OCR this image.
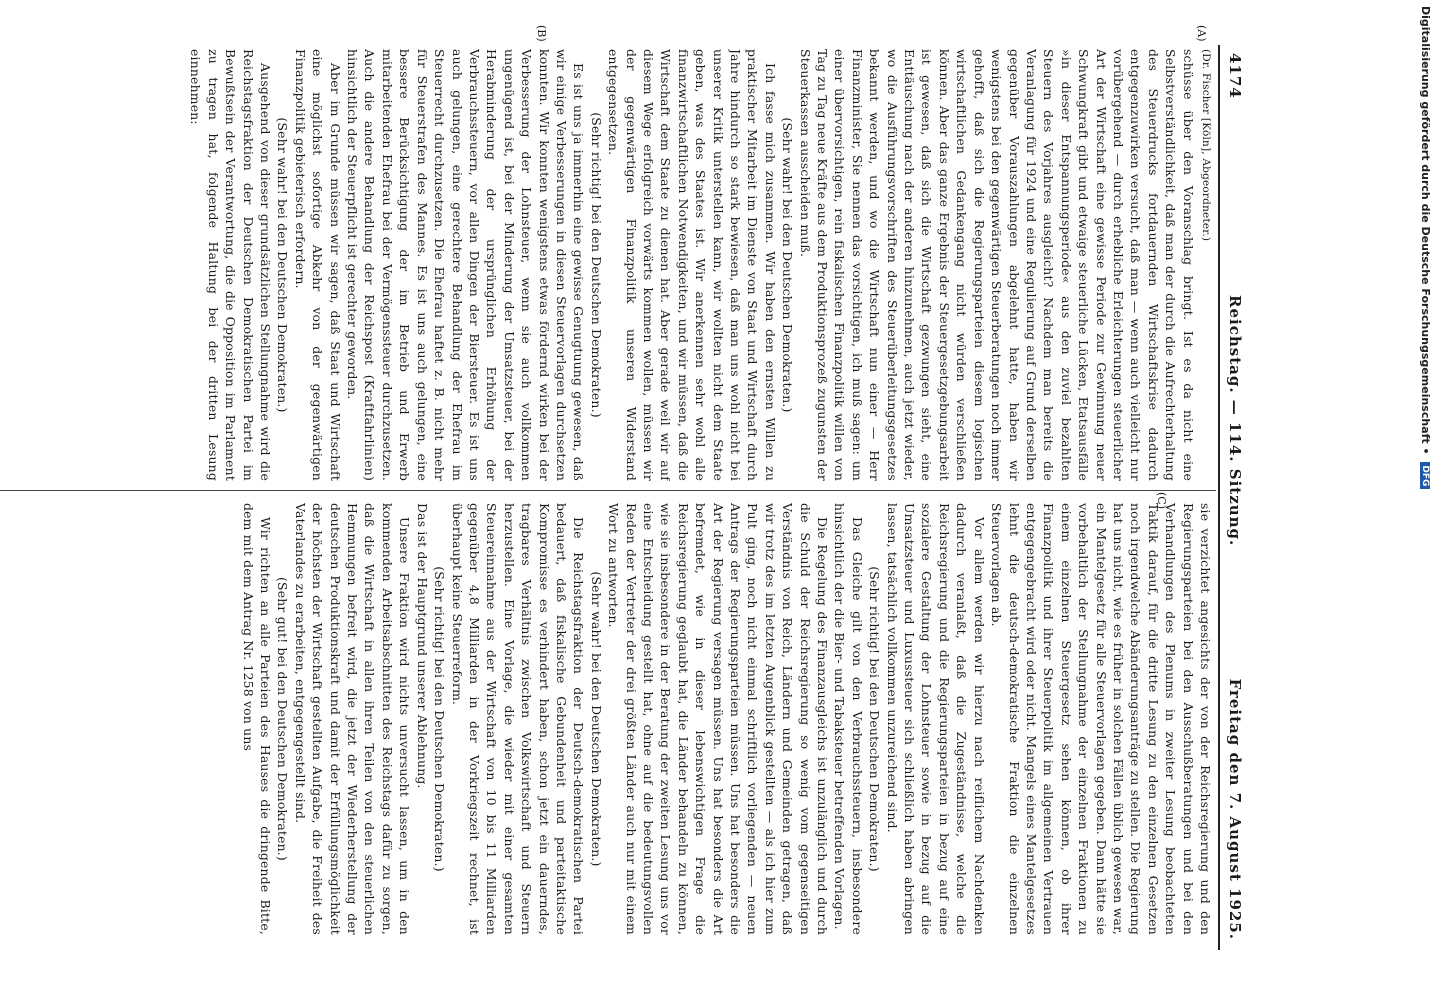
4174
Reichstag. — 114. Sitzung.
Freitag den 7. August 1925.

(Dr. Fischer [Köln], Abgeordneter.)

schüsse über den Voranschlag bringt. Ist es da nicht eine Selbstverständlichkeit, daß man der durch die Aufrechterhaltung des Steuerdrucks fortdauernden Wirtschaftskrise dadurch entgegenzuwirken versucht, daß man — wenn auch vielleicht nur vorübergehend — durch erhebliche Erleichterungen steuerlicher Art der Wirtschaft eine gewisse Periode zur Gewinnung neuer Schwungkraft gibt und etwaige steuerliche Lücken, Etatsausfälle »in dieser Entspannungsperiode« aus den zuviel bezahlten Steuern des Vorjahres ausgleicht? Nachdem man bereits die Veranlagung für 1924 und eine Regulierung auf Grund derselben gegenüber Vorauszahlungen abgelehnt hatte, haben wir wenigstens bei den gegenwärtigen Steuerberatungen noch immer gehofft, daß sich die Regierungsparteien diesem logischen wirtschaftlichen Gedankengang nicht würden verschließen können. Aber das ganze Ergebnis der Steuergesetzgebungsarbeit ist gewesen, daß sich die Wirtschaft gezwungen sieht, eine Enttäuschung nach der anderen hinzunehmen, auch jetzt wieder, wo die Ausführungsvorschriften des Steuerüberleitungsgesetzes bekannt werden, und wo die Wirtschaft nun einer — Herr Finanzminister, Sie nennen das vorsichtigen, ich muß sagen: um einer übervorsichtigen, rein fiskalischen Finanzpolitik willen von Tag zu Tag neue Kräfte aus dem Produktionsprozeß zugunsten der Steuerkassen ausscheiden muß.

(Sehr wahr! bei den Deutschen Demokraten.)

Ich fasse mich zusammen. Wir haben den ernsten Willen zu praktischer Mitarbeit im Dienste von Staat und Wirtschaft durch Jahre hindurch so stark bewiesen, daß man uns wohl nicht bei unserer Kritik unterstellen kann, wir wollten nicht dem Staate geben, was des Staates ist. Wir anerkennen sehr wohl alle finanzwirtschaftlichen Notwendigkeiten, und wir müssen, daß die Wirtschaft dem Staate zu dienen hat. Aber gerade weil wir auf diesem Wege erfolgreich vorwärts kommen wollen, müssen wir der gegenwärtigen Finanzpolitik unseren Widerstand entgegensetzen.

(Sehr richtig! bei den Deutschen Demokraten.)

Es ist uns ja immerhin eine gewisse Genugtuung gewesen, daß wir einige Verbesserungen in diesen Steuervorlagen durchsetzen konnten. Wir konnten wenigstens etwas fördernd wirken bei der Verbesserung der Lohnsteuer, wenn sie auch vollkommen ungenügend ist, bei der Minderung der Umsatzsteuer, bei der Herabminderung der ursprünglichen Erhöhung der Verbrauchssteuern, vor allen Dingen der Biersteuer. Es ist uns auch gelungen, eine gerechtere Behandlung der Ehefrau im Steuerrecht durchzusetzen. Die Ehefrau haftet z. B. nicht mehr für Steuerstrafen des Mannes. Es ist uns auch gelungen, eine bessere Berücksichtigung der im Betrieb und Erwerb mitarbeitenden Ehefrau bei der Vermögenssteuer durchzusetzen. Auch die andere Behandlung der Reichspost (Kraftfahrlinien) hinsichtlich der Steuerpflicht ist gerechter geworden.

Aber im Grunde müssen wir sagen, daß Staat und Wirtschaft eine möglichst sofortige Abkehr von der gegenwärtigen Finanzpolitik gebieterisch erfordern.

(Sehr wahr! bei den Deutschen Demokraten.)

Ausgehend von dieser grundsätzlichen Stellungnahme wird die Reichstagsfraktion der Deutschen Demokratischen Partei im Bewußtsein der Verantwortung, die die Opposition im Parlament zu tragen hat, folgende Haltung bei der dritten Lesung einnehmen:

sie verzichtet angesichts der von der Reichsregierung und den Regierungsparteien bei den Ausschußberatungen und bei den Verhandlungen des Plenums in zweiter Lesung beobachteten Taktik darauf, für die dritte Lesung zu den einzelnen Gesetzen noch irgendwelche Abänderungsanträge zu stellen. Die Regierung hat uns nicht, wie es früher in solchen Fällen üblich gewesen war, ein Mantelgesetz für alle Steuervorlagen gegeben. Dann hätte sie vorbehaltlich der Stellungnahme der einzelnen Fraktionen zu einem einzelnen Steuergesetz sehen können, ob ihrer Finanzpolitik und ihrer Steuerpolitik im allgemeinen Vertrauen entgegengebracht wird oder nicht. Mangels eines Mantelgesetzes lehnt die deutsch-demokratische Fraktion die einzelnen Steuervorlagen ab.

Vor allem werden wir hierzu nach reiflichem Nachdenken dadurch veranlaßt, daß die Zugeständnisse, welche die Reichsregierung und die Regierungsparteien in bezug auf eine sozialere Gestaltung der Lohnsteuer sowie in bezug auf die Umsatzsteuer und Luxussteuer sich schließlich haben abringen lassen, tatsächlich vollkommen unzureichend sind.

(Sehr richtig! bei den Deutschen Demokraten.)

Das Gleiche gilt von den Verbrauchssteuern, insbesondere hinsichtlich der die Bier- und Tabaksteuer betreffenden Vorlagen.

Die Regelung des Finanzausgleichs ist unzulänglich und durch die Schuld der Reichsregierung so wenig vom gegenseitigen Verständnis von Reich, Ländern und Gemeinden getragen, daß wir trotz des im letzten Augenblick gestellten — als ich hier zum Pult ging, noch nicht einmal schriftlich vorliegenden — neuen Antrags der Regierungsparteien müssen. Uns hat besonders die Art der Regierung versagen müssen. Uns hat besonders die Art befremdet, wie in dieser lebenswichtigen Frage die Reichsregierung geglaubt hat, die Länder behandeln zu können, wie sie insbesondere in der Beratung der zweiten Lesung uns vor eine Entscheidung gestellt hat, ohne auf die bedeutungsvollen Reden der Vertreter der drei größten Länder auch nur mit einem Wort zu antworten.

(Sehr wahr! bei den Deutschen Demokraten.)

Die Reichstagsfraktion der Deutsch-demokratischen Partei bedauert, daß fiskalische Gebundenheit und parteitaktische Kompromisse es verhindert haben, schon jetzt ein dauerndes, tragbares Verhältnis zwischen Volkswirtschaft und Steuern herzustellen. Eine Vorlage, die wieder mit einer gesamten Steuereinnahme aus der Wirtschaft von 10 bis 11 Milliarden gegenüber 4,8 Milliarden in der Vorkriegszeit rechnet, ist überhaupt keine Steuerreform.

(Sehr richtig! bei den Deutschen Demokraten.)

Das ist der Hauptgrund unserer Ablehnung.

Unsere Fraktion wird nichts unversucht lassen, um in den kommenden Arbeitsabschnitten des Reichstags dafür zu sorgen, daß die Wirtschaft in allen ihren Teilen von den steuerlichen Hemmungen befreit wird, die jetzt der Wiederherstellung der deutschen Produktionskraft und damit der Erfüllungsmöglichkeit der höchsten der Wirtschaft gestellten Aufgabe, die Freiheit des Vaterlandes zu erarbeiten, entgegengestellt sind.

(Sehr gut! bei den Deutschen Demokraten.)

Wir richten an alle Parteien des Hauses die dringende Bitte, dem mit dem Antrag Nr. 1258 von uns

(A)
(B)
(C)
Digitalisierung gefördert durch die Deutsche Forschungsgemeinschaft • DFG
